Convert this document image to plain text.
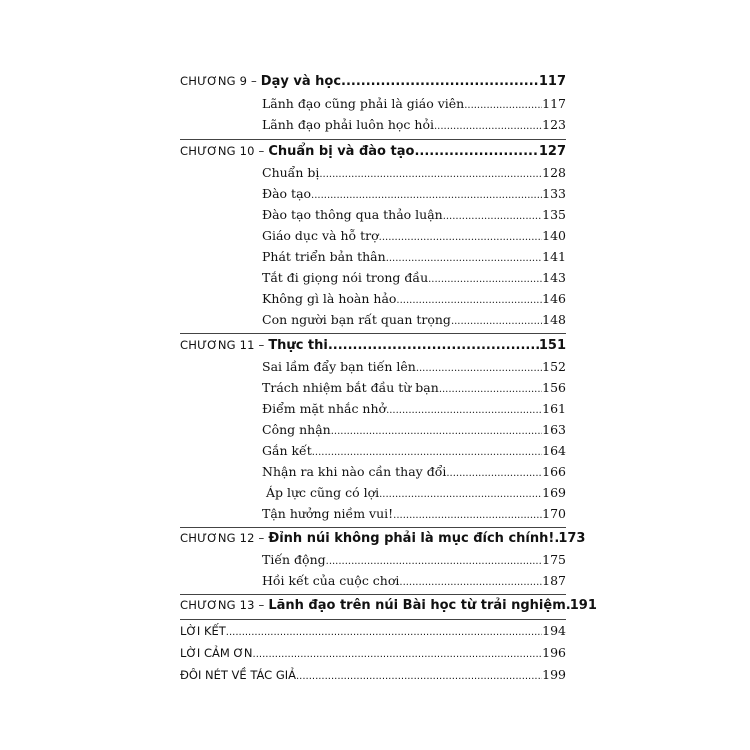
CHƯƠNG 9 – Dạy và học .....	117
Lãnh đạo cũng phải là giáo viên .....	117
Lãnh đạo phải luôn học hỏi .....	123
CHƯƠNG 10 – Chuẩn bị và đào tạo .....	127
Chuẩn bị .....	128
Đào tạo .....	133
Đào tạo thông qua thảo luận .....	135
Giáo dục và hỗ trợ .....	140
Phát triển bản thân .....	141
Tắt đi giọng nói trong đầu .....	143
Không gì là hoàn hảo .....	146
Con người bạn rất quan trọng .....	148
CHƯƠNG 11 – Thực thi .....	151
Sai lầm đẩy bạn tiến lên .....	152
Trách nhiệm bắt đầu từ bạn .....	156
Điểm mặt nhắc nhở .....	161
Công nhận .....	163
Gắn kết .....	164
Nhận ra khi nào cần thay đổi .....	166
Áp lực cũng có lợi .....	169
Tận hưởng niềm vui! .....	170
CHƯƠNG 12 – Đỉnh núi không phải là mục đích chính! ..... 173
Tiến động .....	175
Hồi kết của cuộc chơi .....	187
CHƯƠNG 13 – Lãnh đạo trên núi Bài học từ trải nghiệm ..... 191
LỜI KẾT .....	194
LỜI CẢM ƠN .....	196
ĐÔI NÉT VỀ TÁC GIẢ .....	199
